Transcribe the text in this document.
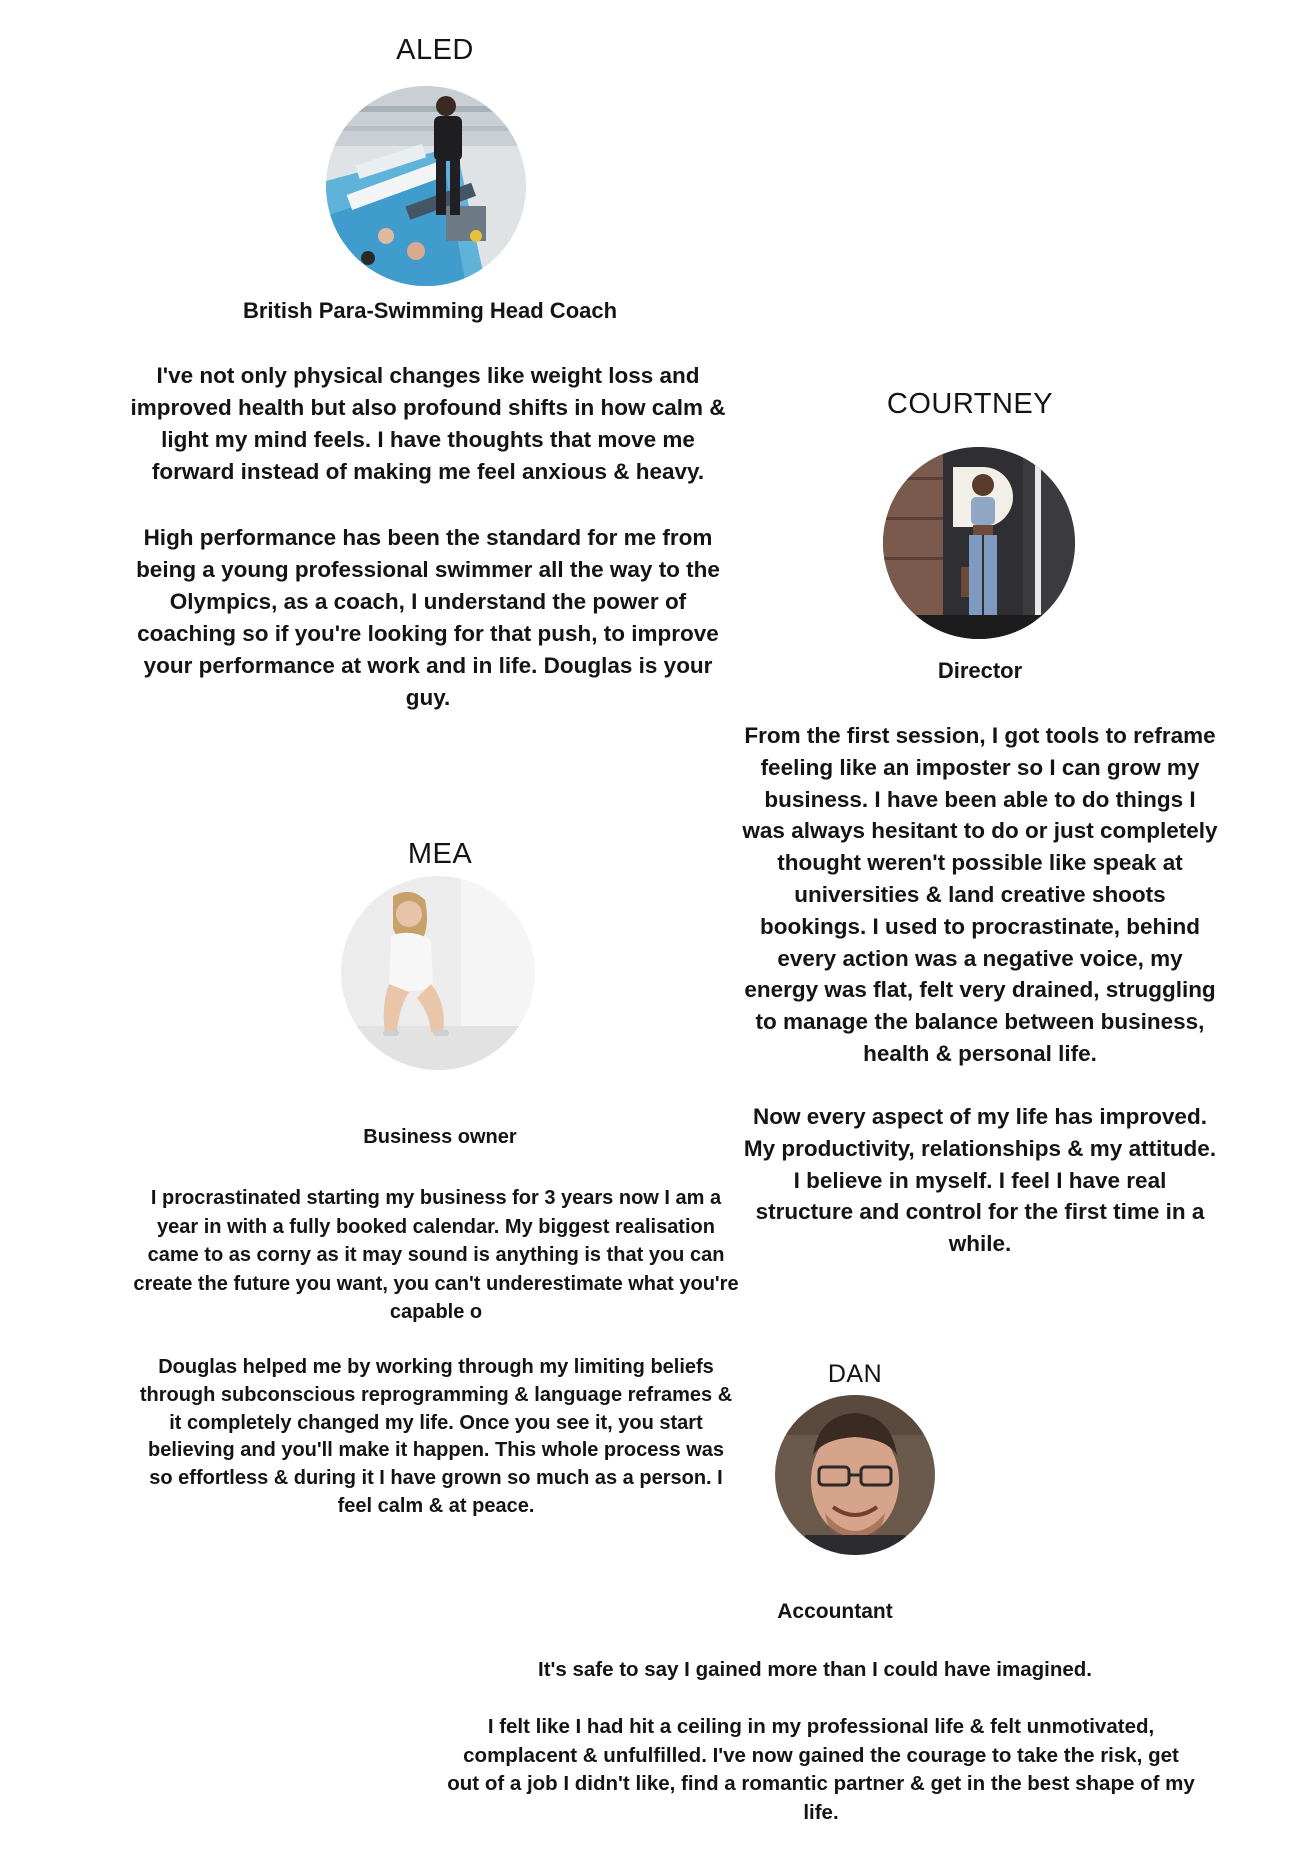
ALED
British Para-Swimming Head Coach

I've not only physical changes like weight loss and improved health but also profound shifts in how calm & light my mind feels. I have thoughts that move me forward instead of making me feel anxious & heavy.

High performance has been the standard for me from being a young professional swimmer all the way to the Olympics, as a coach, I understand the power of coaching so if you're looking for that push, to improve your performance at work and in life. Douglas is your guy.

COURTNEY
Director

From the first session, I got tools to reframe feeling like an imposter so I can grow my business. I have been able to do things I was always hesitant to do or just completely thought weren't possible like speak at universities & land creative shoots bookings. I used to procrastinate, behind every action was a negative voice, my energy was flat, felt very drained, struggling to manage the balance between business, health & personal life.

Now every aspect of my life has improved. My productivity, relationships & my attitude. I believe in myself. I feel I have real structure and control for the first time in a while.

MEA
Business owner

I procrastinated starting my business for 3 years now I am a year in with a fully booked calendar. My biggest realisation came to as corny as it may sound is anything is that you can create the future you want, you can't underestimate what you're capable o

Douglas helped me by working through my limiting beliefs through subconscious reprogramming & language reframes & it completely changed my life. Once you see it, you start believing and you'll make it happen. This whole process was so effortless & during it I have grown so much as a person. I feel calm & at peace.

DAN
Accountant

It's safe to say I gained more than I could have imagined.

I felt like I had hit a ceiling in my professional life & felt unmotivated, complacent & unfulfilled. I've now gained the courage to take the risk, get out of a job I didn't like, find a romantic partner & get in the best shape of my life.
